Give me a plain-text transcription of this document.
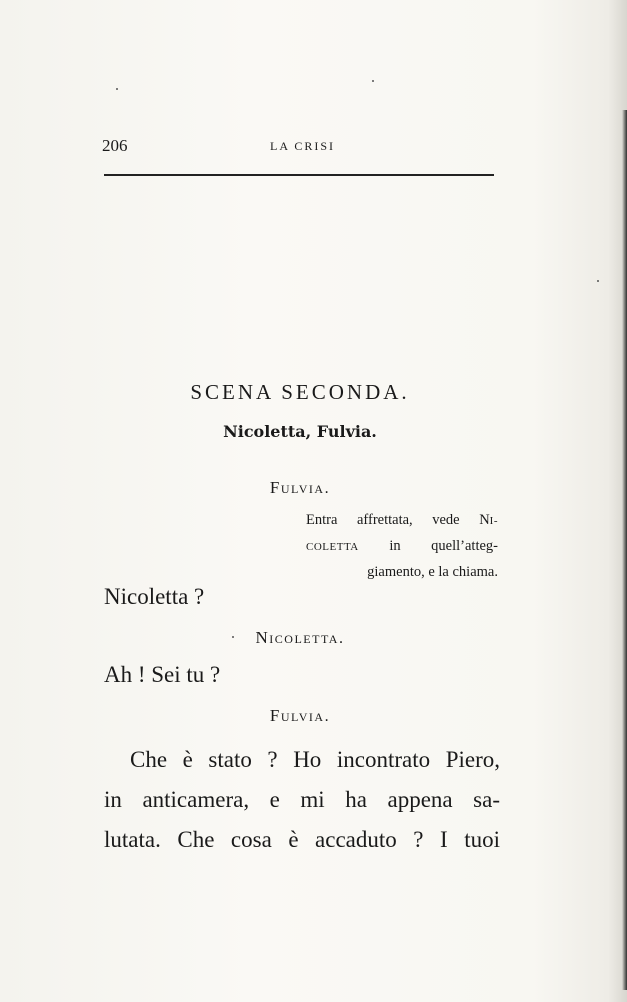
206	LA CRISI
SCENA SECONDA.
Nicoletta, Fulvia.
FULVIA.
Entra affrettata, vede NI-
COLETTA in quell’atteg-
giamento, e la chiama.
Nicoletta ?
NICOLETTA.
Ah ! Sei tu ?
FULVIA.
Che è stato ? Ho incontrato Piero,
in anticamera, e mi ha appena sa-
lutata. Che cosa è accaduto ? I tuoi
